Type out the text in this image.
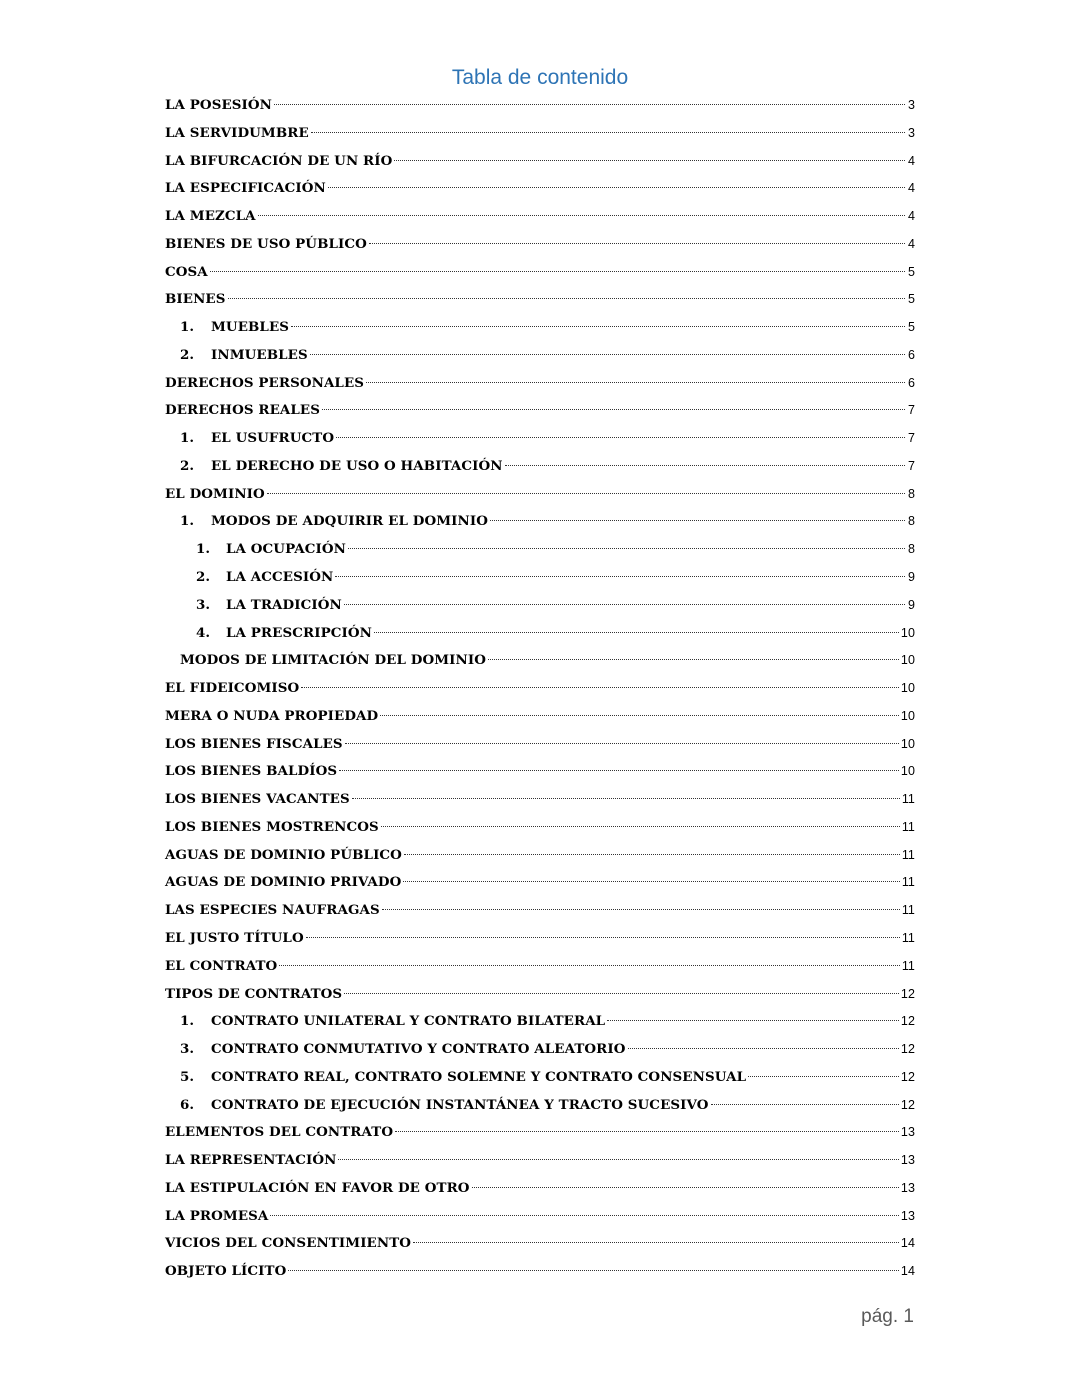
Tabla de contenido
LA POSESIÓN	3
LA SERVIDUMBRE	3
LA BIFURCACIÓN DE UN RÍO	4
LA ESPECIFICACIÓN	4
LA MEZCLA	4
BIENES DE USO PÚBLICO	4
COSA	5
BIENES	5
1.	MUEBLES	5
2.	INMUEBLES	6
DERECHOS PERSONALES	6
DERECHOS REALES	7
1.	EL USUFRUCTO	7
2.	EL DERECHO DE USO O HABITACIÓN	7
EL DOMINIO	8
1.	MODOS DE ADQUIRIR EL DOMINIO	8
1.	LA OCUPACIÓN	8
2.	LA ACCESIÓN	9
3.	LA TRADICIÓN	9
4.	LA PRESCRIPCIÓN	10
MODOS DE LIMITACIÓN DEL DOMINIO	10
EL FIDEICOMISO	10
MERA O NUDA PROPIEDAD	10
LOS BIENES FISCALES	10
LOS BIENES BALDÍOS	10
LOS BIENES VACANTES	11
LOS BIENES MOSTRENCOS	11
AGUAS DE DOMINIO PÚBLICO	11
AGUAS DE DOMINIO PRIVADO	11
LAS ESPECIES NAUFRAGAS	11
EL JUSTO TÍTULO	11
EL CONTRATO	11
TIPOS DE CONTRATOS	12
1.	CONTRATO UNILATERAL Y CONTRATO BILATERAL	12
3.	CONTRATO CONMUTATIVO Y CONTRATO ALEATORIO	12
5.	CONTRATO REAL, CONTRATO SOLEMNE Y CONTRATO CONSENSUAL	12
6.	CONTRATO DE EJECUCIÓN INSTANTÁNEA Y TRACTO SUCESIVO	12
ELEMENTOS DEL CONTRATO	13
LA REPRESENTACIÓN	13
LA ESTIPULACIÓN EN FAVOR DE OTRO	13
LA PROMESA	13
VICIOS DEL CONSENTIMIENTO	14
OBJETO LÍCITO	14
pág. 1
